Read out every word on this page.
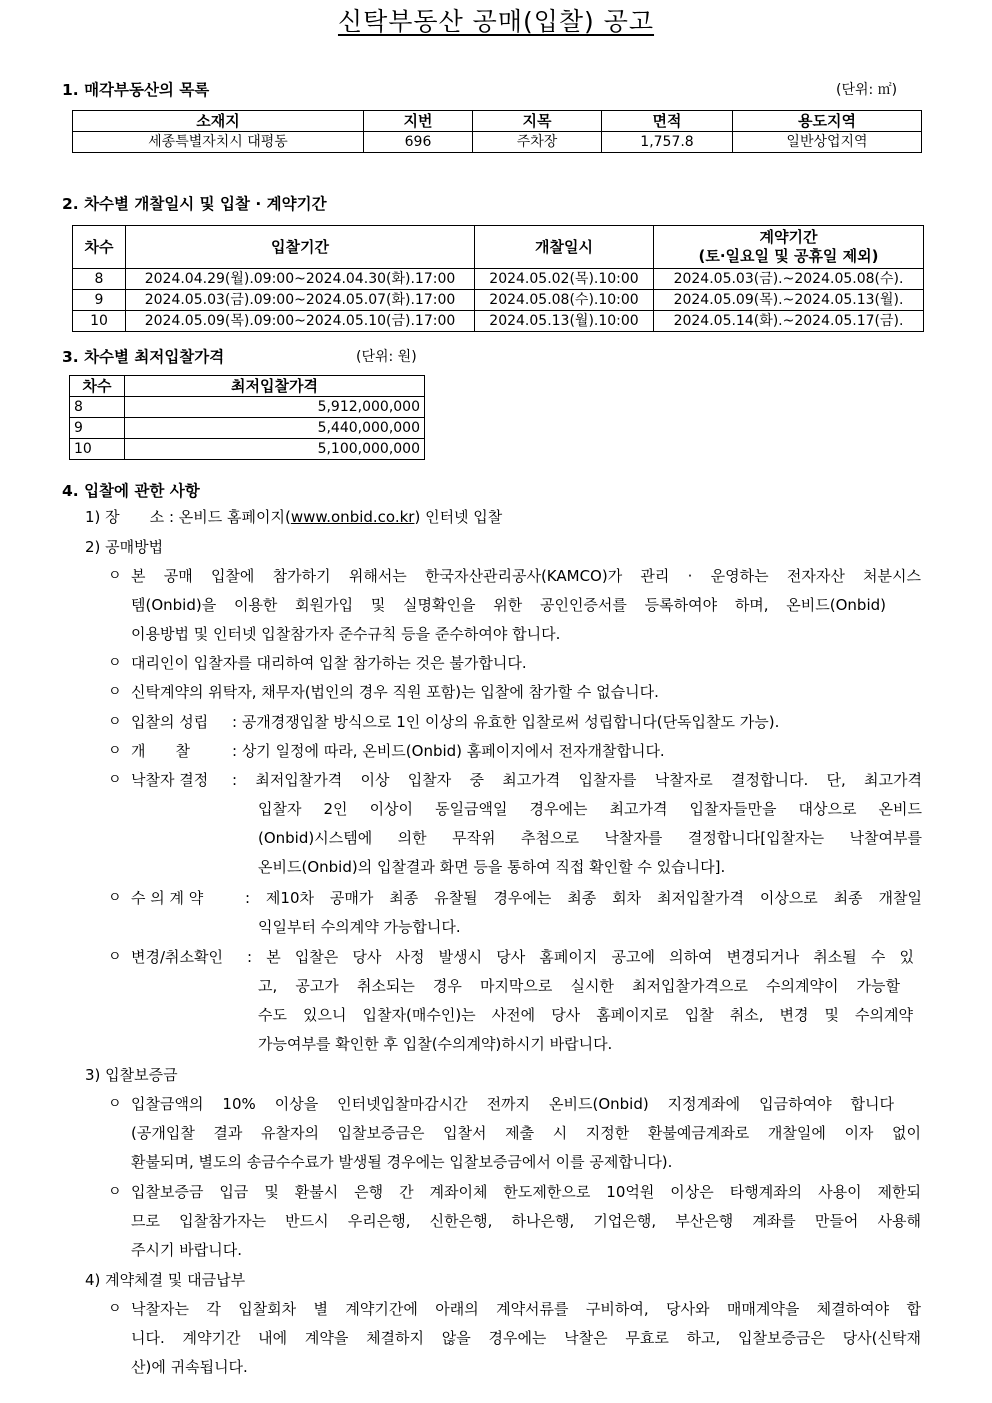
신탁부동산 공매(입찰) 공고
1. 매각부동산의 목록	(단위: ㎡)
소재지	지번	지목	면적	용도지역
세종특별자치시 대평동	696	주차장	1,757.8	일반상업지역
2. 차수별 개찰일시 및 입찰 · 계약기간
차수	입찰기간	개찰일시	계약기간
(토·일요일 및 공휴일 제외)

8	2024.04.29(월).09:00~2024.04.30(화).17:00	2024.05.02(목).10:00	2024.05.03(금).~2024.05.08(수).
9	2024.05.03(금).09:00~2024.05.07(화).17:00	2024.05.08(수).10:00	2024.05.09(목).~2024.05.13(월).
10	2024.05.09(목).09:00~2024.05.10(금).17:00	2024.05.13(월).10:00	2024.05.14(화).~2024.05.17(금).
3. 차수별 최저입찰가격	(단위: 원)
차수	최저입찰가격
8	5,912,000,000
9	5,440,000,000
10	5,100,000,000
4. 입찰에 관한 사항
1) 장　　소 : 온비드 홈페이지(www.onbid.co.kr) 인터넷 입찰
2) 공매방법
ㅇ 본 공매 입찰에 참가하기 위해서는 한국자산관리공사(KAMCO)가 관리 · 운영하는 전자자산 처분시스
템(Onbid)을 이용한 회원가입 및 실명확인을 위한 공인인증서를 등록하여야 하며, 온비드(Onbid)
이용방법 및 인터넷 입찰참가자 준수규칙 등을 준수하여야 합니다.
ㅇ 대리인이 입찰자를 대리하여 입찰 참가하는 것은 불가합니다.
ㅇ 신탁계약의 위탁자, 채무자(법인의 경우 직원 포함)는 입찰에 참가할 수 없습니다.
ㅇ 입찰의 성립 : 공개경쟁입찰 방식으로 1인 이상의 유효한 입찰로써 성립합니다(단독입찰도 가능).
ㅇ 개　　찰	: 상기 일정에 따라, 온비드(Onbid) 홈페이지에서 전자개찰합니다.
ㅇ 낙찰자 결정 : 최저입찰가격 이상 입찰자 중 최고가격 입찰자를 낙찰자로 결정합니다. 단, 최고가격
입찰자 2인 이상이 동일금액일 경우에는 최고가격 입찰자들만을 대상으로 온비드
(Onbid)시스템에 의한 무작위 추첨으로 낙찰자를 결정합니다[입찰자는 낙찰여부를
온비드(Onbid)의 입찰결과 화면 등을 통하여 직접 확인할 수 있습니다].
ㅇ 수 의 계 약	: 제10차 공매가 최종 유찰될 경우에는 최종 회차 최저입찰가격 이상으로 최종 개찰일
익일부터 수의계약 가능합니다.
ㅇ 변경/취소확인 : 본 입찰은 당사 사정 발생시 당사 홈페이지 공고에 의하여 변경되거나 취소될 수 있
고, 공고가 취소되는 경우 마지막으로 실시한 최저입찰가격으로 수의계약이 가능할
수도 있으니 입찰자(매수인)는 사전에 당사 홈페이지로 입찰 취소, 변경 및 수의계약
가능여부를 확인한 후 입찰(수의계약)하시기 바랍니다.
3) 입찰보증금
ㅇ 입찰금액의 10% 이상을 인터넷입찰마감시간 전까지 온비드(Onbid) 지정계좌에 입금하여야 합니다
(공개입찰 결과 유찰자의 입찰보증금은 입찰서 제출 시 지정한 환불예금계좌로 개찰일에 이자 없이
환불되며, 별도의 송금수수료가 발생될 경우에는 입찰보증금에서 이를 공제합니다).
ㅇ 입찰보증금 입금 및 환불시 은행 간 계좌이체 한도제한으로 10억원 이상은 타행계좌의 사용이 제한되
므로 입찰참가자는 반드시 우리은행, 신한은행, 하나은행, 기업은행, 부산은행 계좌를 만들어 사용해
주시기 바랍니다.
4) 계약체결 및 대금납부
ㅇ 낙찰자는 각 입찰회차 별 계약기간에 아래의 계약서류를 구비하여, 당사와 매매계약을 체결하여야 합
니다. 계약기간 내에 계약을 체결하지 않을 경우에는 낙찰은 무효로 하고, 입찰보증금은 당사(신탁재
산)에 귀속됩니다.
